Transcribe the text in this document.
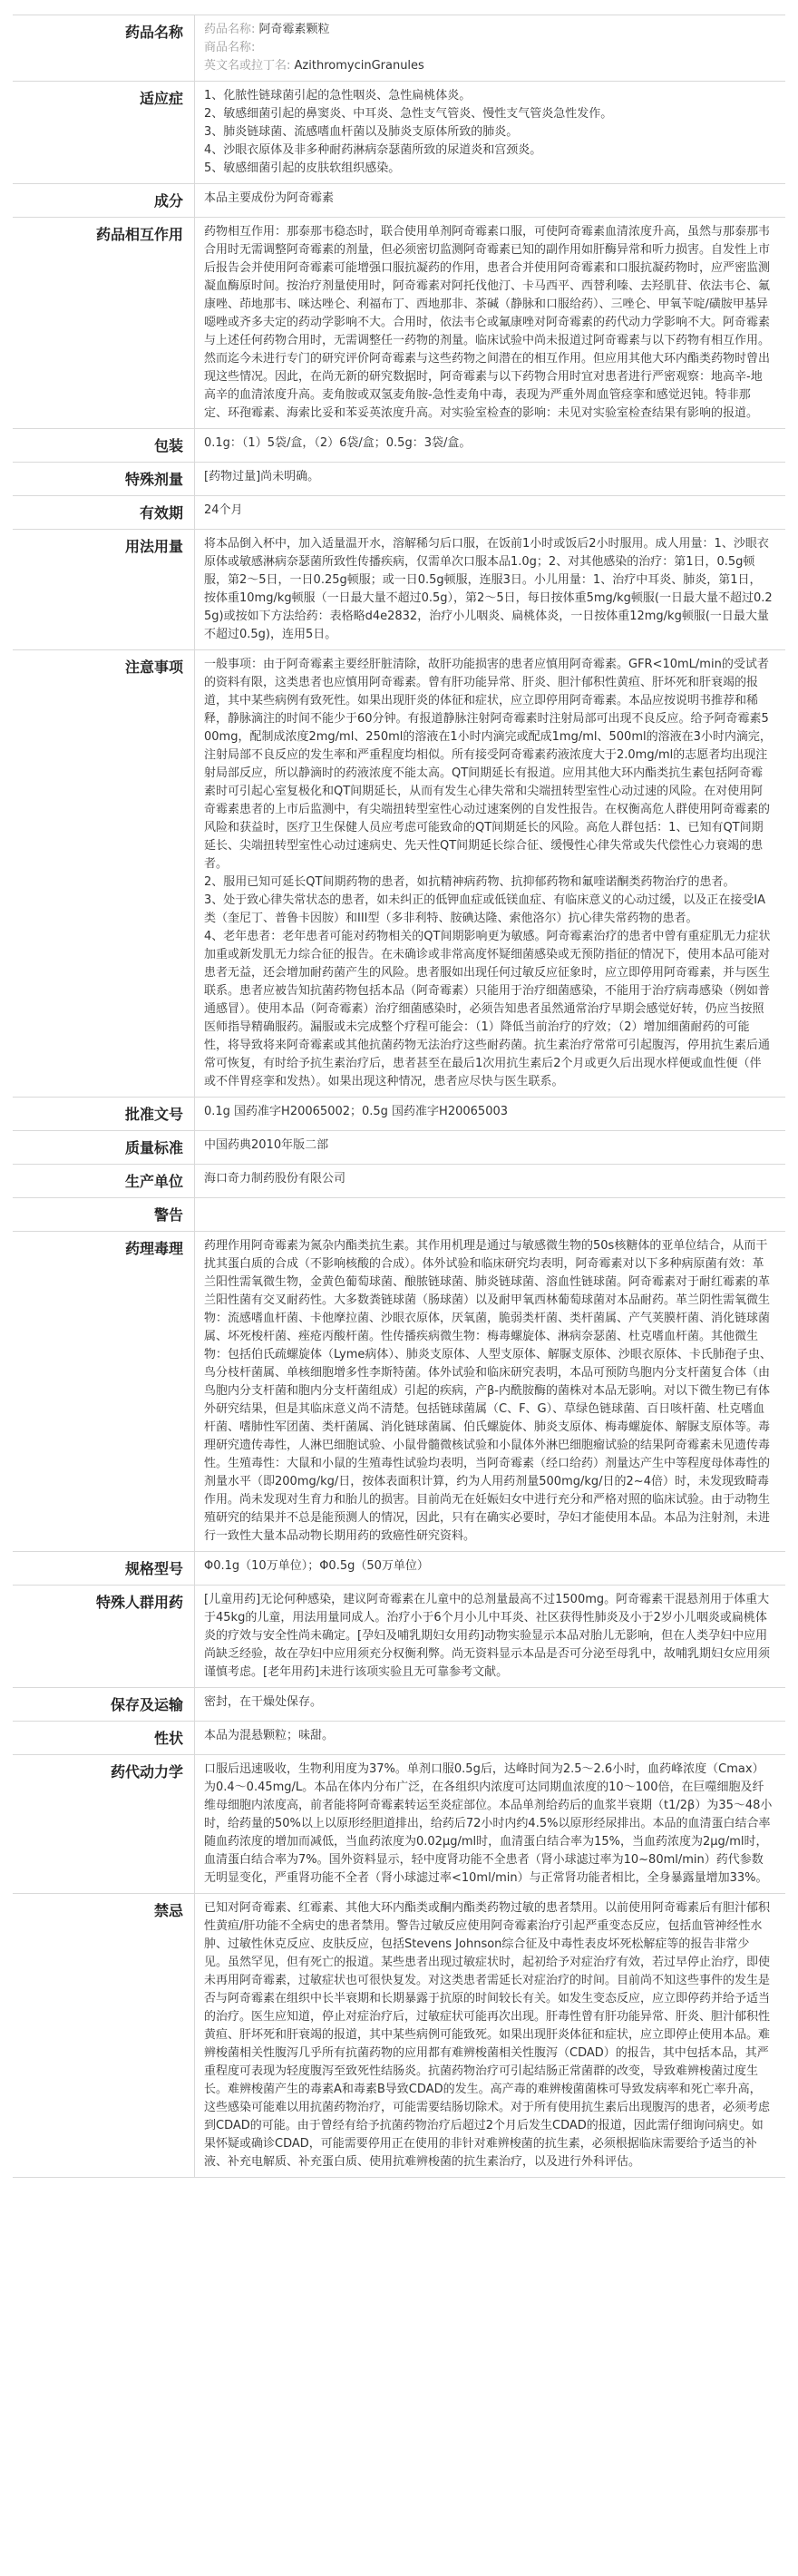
药品名称	药品名称: 阿奇霉素颗粒
商品名称:
英文名或拉丁名: AzithromycinGranules
适应症	1、化脓性链球菌引起的急性咽炎、急性扁桃体炎。

2、敏感细菌引起的鼻窦炎、中耳炎、急性支气管炎、慢性支气管炎急性发作。

3、肺炎链球菌、流感嗜血杆菌以及肺炎支原体所致的肺炎。

4、沙眼衣原体及非多种耐药淋病奈瑟菌所致的尿道炎和宫颈炎。

5、敏感细菌引起的皮肤软组织感染。

成分	本品主要成份为阿奇霉素

药品相互作用	药物相互作用：那泰那韦稳态时，联合使用单剂阿奇霉素口服，可使阿奇霉素血清浓度升高，虽然与那泰那韦合用时无需调整阿奇霉素的剂量，但必须密切监测阿奇霉素已知的副作用如肝酶异常和听力损害。自发性上市后报告会并使用阿奇霉素可能增强口服抗凝药的作用，患者合并使用阿奇霉素和口服抗凝药物时，应严密监测凝血酶原时间。按治疗剂量使用时，阿奇霉素对阿托伐他汀、卡马西平、西替利嗪、去羟肌苷、依法韦仑、氟康唑、茚地那韦、咪达唑仑、利福布丁、西地那非、茶碱（静脉和口服给药）、三唑仑、甲氧苄啶/磺胺甲基异噁唑或齐多夫定的药动学影响不大。合用时，依法韦仑或氟康唑对阿奇霉素的药代动力学影响不大。阿奇霉素与上述任何药物合用时，无需调整任一药物的剂量。临床试验中尚未报道过阿奇霉素与以下药物有相互作用。然而迄今未进行专门的研究评价阿奇霉素与这些药物之间潜在的相互作用。但应用其他大环内酯类药物时曾出现这些情况。因此，在尚无新的研究数据时，阿奇霉素与以下药物合用时宜对患者进行严密观察：地高辛-地高辛的血清浓度升高。麦角胺或双氢麦角胺-急性麦角中毒，表现为严重外周血管痉挛和感觉迟钝。特非那定、环孢霉素、海索比妥和苯妥英浓度升高。对实验室检查的影响：未见对实验室检查结果有影响的报道。

包装	0.1g：（1）5袋/盒，（2）6袋/盒；0.5g：3袋/盒。

特殊剂量	[药物过量]尚未明确。

有效期	24个月

用法用量	将本品倒入杯中，加入适量温开水，溶解稀匀后口服，在饭前1小时或饭后2小时服用。成人用量：1、沙眼衣原体或敏感淋病奈瑟菌所致性传播疾病，仅需单次口服本品1.0g；2、对其他感染的治疗：第1日，0.5g顿服，第2～5日，一日0.25g顿服；或一日0.5g顿服，连服3日。小儿用量：1、治疗中耳炎、肺炎，第1日，按体重10mg/kg顿服（一日最大量不超过0.5g），第2～5日，每日按体重5mg/kg顿服(一日最大量不超过0.25g)或按如下方法给药：表格略d4e2832，治疗小儿咽炎、扁桃体炎，一日按体重12mg/kg顿服(一日最大量不超过0.5g)，连用5日。

注意事项	一般事项：由于阿奇霉素主要经肝脏清除，故肝功能损害的患者应慎用阿奇霉素。GFR<10mL/min的受试者的资料有限，这类患者也应慎用阿奇霉素。曾有肝功能异常、肝炎、胆汁郁积性黄疸、肝坏死和肝衰竭的报道，其中某些病例有致死性。如果出现肝炎的体征和症状，应立即停用阿奇霉素。本品应按说明书推荐和稀释，静脉滴注的时间不能少于60分钟。有报道静脉注射阿奇霉素时注射局部可出现不良反应。给予阿奇霉素500mg，配制成浓度2mg/ml、250ml的溶液在1小时内滴完或配成1mg/ml、500ml的溶液在3小时内滴完，注射局部不良反应的发生率和严重程度均相似。所有接受阿奇霉素药液浓度大于2.0mg/ml的志愿者均出现注射局部反应，所以静滴时的药液浓度不能太高。QT间期延长有报道。应用其他大环内酯类抗生素包括阿奇霉素时可引起心室复极化和QT间期延长，从而有发生心律失常和尖端扭转型室性心动过速的风险。在对使用阿奇霉素患者的上市后监测中，有尖端扭转型室性心动过速案例的自发性报告。在权衡高危人群使用阿奇霉素的风险和获益时，医疗卫生保健人员应考虑可能致命的QT间期延长的风险。高危人群包括：1、已知有QT间期延长、尖端扭转型室性心动过速病史、先天性QT间期延长综合征、缓慢性心律失常或失代偿性心力衰竭的患者。

2、服用已知可延长QT间期药物的患者，如抗精神病药物、抗抑郁药物和氟喹诺酮类药物治疗的患者。

3、处于致心律失常状态的患者，如未纠正的低钾血症或低镁血症、有临床意义的心动过缓，以及正在接受IA类（奎尼丁、普鲁卡因胺）和III型（多非利特、胺碘达隆、索他洛尔）抗心律失常药物的患者。

4、老年患者：老年患者可能对药物相关的QT间期影响更为敏感。阿奇霉素治疗的患者中曾有重症肌无力症状加重或新发肌无力综合征的报告。在未确诊或非常高度怀疑细菌感染或无预防指征的情况下，使用本品可能对患者无益，还会增加耐药菌产生的风险。患者服如出现任何过敏反应征象时，应立即停用阿奇霉素，并与医生联系。患者应被告知抗菌药物包括本品（阿奇霉素）只能用于治疗细菌感染，不能用于治疗病毒感染（例如普通感冒）。使用本品（阿奇霉素）治疗细菌感染时，必须告知患者虽然通常治疗早期会感觉好转，仍应当按照医师指导精确服药。漏服或未完成整个疗程可能会：（1）降低当前治疗的疗效；（2）增加细菌耐药的可能性，将导致将来阿奇霉素或其他抗菌药物无法治疗这些耐药菌。抗生素治疗常常可引起腹泻，停用抗生素后通常可恢复，有时给予抗生素治疗后，患者甚至在最后1次用抗生素后2个月或更久后出现水样便或血性便（伴或不伴胃痉挛和发热）。如果出现这种情况，患者应尽快与医生联系。

批准文号	0.1g 国药准字H20065002；0.5g 国药准字H20065003

质量标准	中国药典2010年版二部

生产单位	海口奇力制药股份有限公司

警告

药理毒理	药理作用阿奇霉素为氮杂内酯类抗生素。其作用机理是通过与敏感微生物的50s核糖体的亚单位结合，从而干扰其蛋白质的合成（不影响核酸的合成）。体外试验和临床研究均表明，阿奇霉素对以下多种病原菌有效：革兰阳性需氧微生物，金黄色葡萄球菌、酿脓链球菌、肺炎链球菌、溶血性链球菌。阿奇霉素对于耐红霉素的革兰阳性菌有交叉耐药性。大多数粪链球菌（肠球菌）以及耐甲氧西林葡萄球菌对本品耐药。革兰阴性需氧微生物：流感嗜血杆菌、卡他摩拉菌、沙眼衣原体，厌氧菌，脆弱类杆菌、类杆菌属、产气荚膜杆菌、消化链球菌属、坏死梭杆菌、痤疮丙酸杆菌。性传播疾病微生物：梅毒螺旋体、淋病奈瑟菌、杜克嗜血杆菌。其他微生物：包括伯氏疏螺旋体（Lyme病体）、肺炎支原体、人型支原体、解脲支原体、沙眼衣原体、卡氏肺孢子虫、鸟分枝杆菌属、单核细胞增多性李斯特菌。体外试验和临床研究表明，本品可预防鸟胞内分支杆菌复合体（由鸟胞内分支杆菌和胞内分支杆菌组成）引起的疾病，产β-内酰胺酶的菌株对本品无影响。对以下微生物已有体外研究结果，但是其临床意义尚不清楚。包括链球菌属（C、F、G）、草绿色链球菌、百日咳杆菌、杜克嗜血杆菌、嗜肺性军团菌、类杆菌属、消化链球菌属、伯氏螺旋体、肺炎支原体、梅毒螺旋体、解脲支原体等。毒理研究遗传毒性，人淋巴细胞试验、小鼠骨髓微核试验和小鼠体外淋巴细胞瘤试验的结果阿奇霉素未见遗传毒性。生殖毒性：大鼠和小鼠的生殖毒性试验均表明，当阿奇霉素（经口给药）剂量达产生中等程度母体毒性的剂量水平（即200mg/kg/日，按体表面积计算，约为人用药剂量500mg/kg/日的2~4倍）时，未发现致畸毒作用。尚未发现对生育力和胎儿的损害。目前尚无在妊娠妇女中进行充分和严格对照的临床试验。由于动物生殖研究的结果并不总是能预测人的情况，因此，只有在确实必要时，孕妇才能使用本品。本品为注射剂，未进行一致性大量本品动物长期用药的致癌性研究资料。

规格型号	Φ0.1g（10万单位）；Φ0.5g（50万单位）

特殊人群用药	[儿童用药]无论何种感染，建议阿奇霉素在儿童中的总剂量最高不过1500mg。阿奇霉素干混悬剂用于体重大于45kg的儿童，用法用量同成人。治疗小于6个月小儿中耳炎、社区获得性肺炎及小于2岁小儿咽炎或扁桃体炎的疗效与安全性尚未确定。[孕妇及哺乳期妇女用药]动物实验显示本品对胎儿无影响，但在人类孕妇中应用尚缺乏经验，故在孕妇中应用须充分权衡利弊。尚无资料显示本品是否可分泌至母乳中，故哺乳期妇女应用须谨慎考虑。[老年用药]未进行该项实验且无可靠参考文献。

保存及运输	密封，在干燥处保存。

性状	本品为混悬颗粒；味甜。

药代动力学	口服后迅速吸收，生物利用度为37%。单剂口服0.5g后，达峰时间为2.5～2.6小时，血药峰浓度（Cmax）为0.4～0.45mg/L。本品在体内分布广泛，在各组织内浓度可达同期血浓度的10～100倍，在巨噬细胞及纤维母细胞内浓度高，前者能将阿奇霉素转运至炎症部位。本品单剂给药后的血浆半衰期（t1/2β）为35～48小时，给药量的50%以上以原形经胆道排出，给药后72小时内约4.5%以原形经尿排出。本品的血清蛋白结合率随血药浓度的增加而减低，当血药浓度为0.02μg/ml时，血清蛋白结合率为15%，当血药浓度为2μg/ml时，血清蛋白结合率为7%。国外资料显示，轻中度肾功能不全患者（肾小球滤过率为10~80ml/min）药代参数无明显变化，严重肾功能不全者（肾小球滤过率<10ml/min）与正常肾功能者相比，全身暴露量增加33%。

禁忌	已知对阿奇霉素、红霉素、其他大环内酯类或酮内酯类药物过敏的患者禁用。以前使用阿奇霉素后有胆汁郁积性黄疸/肝功能不全病史的患者禁用。警告过敏反应使用阿奇霉素治疗引起严重变态反应，包括血管神经性水肿、过敏性休克反应、皮肤反应，包括Stevens Johnson综合征及中毒性表皮坏死松解症等的报告非常少见。虽然罕见，但有死亡的报道。某些患者出现过敏症状时，起初给予对症治疗有效，若过早停止治疗，即使未再用阿奇霉素，过敏症状也可很快复发。对这类患者需延长对症治疗的时间。目前尚不知这些事件的发生是否与阿奇霉素在组织中长半衰期和长期暴露于抗原的时间较长有关。如发生变态反应，应立即停药并给予适当的治疗。医生应知道，停止对症治疗后，过敏症状可能再次出现。肝毒性曾有肝功能异常、肝炎、胆汁郁积性黄疸、肝坏死和肝衰竭的报道，其中某些病例可能致死。如果出现肝炎体征和症状，应立即停止使用本品。难辨梭菌相关性腹泻几乎所有抗菌药物的应用都有难辨梭菌相关性腹泻（CDAD）的报告，其中包括本品，其严重程度可表现为轻度腹泻至致死性结肠炎。抗菌药物治疗可引起结肠正常菌群的改变，导致难辨梭菌过度生长。难辨梭菌产生的毒素A和毒素B导致CDAD的发生。高产毒的难辨梭菌菌株可导致发病率和死亡率升高，这些感染可能难以用抗菌药物治疗，可能需要结肠切除术。对于所有使用抗生素后出现腹泻的患者，必须考虑到CDAD的可能。由于曾经有给予抗菌药物治疗后超过2个月后发生CDAD的报道，因此需仔细询问病史。如果怀疑或确诊CDAD，可能需要停用正在使用的非针对难辨梭菌的抗生素，必须根据临床需要给予适当的补液、补充电解质、补充蛋白质、使用抗难辨梭菌的抗生素治疗，以及进行外科评估。
